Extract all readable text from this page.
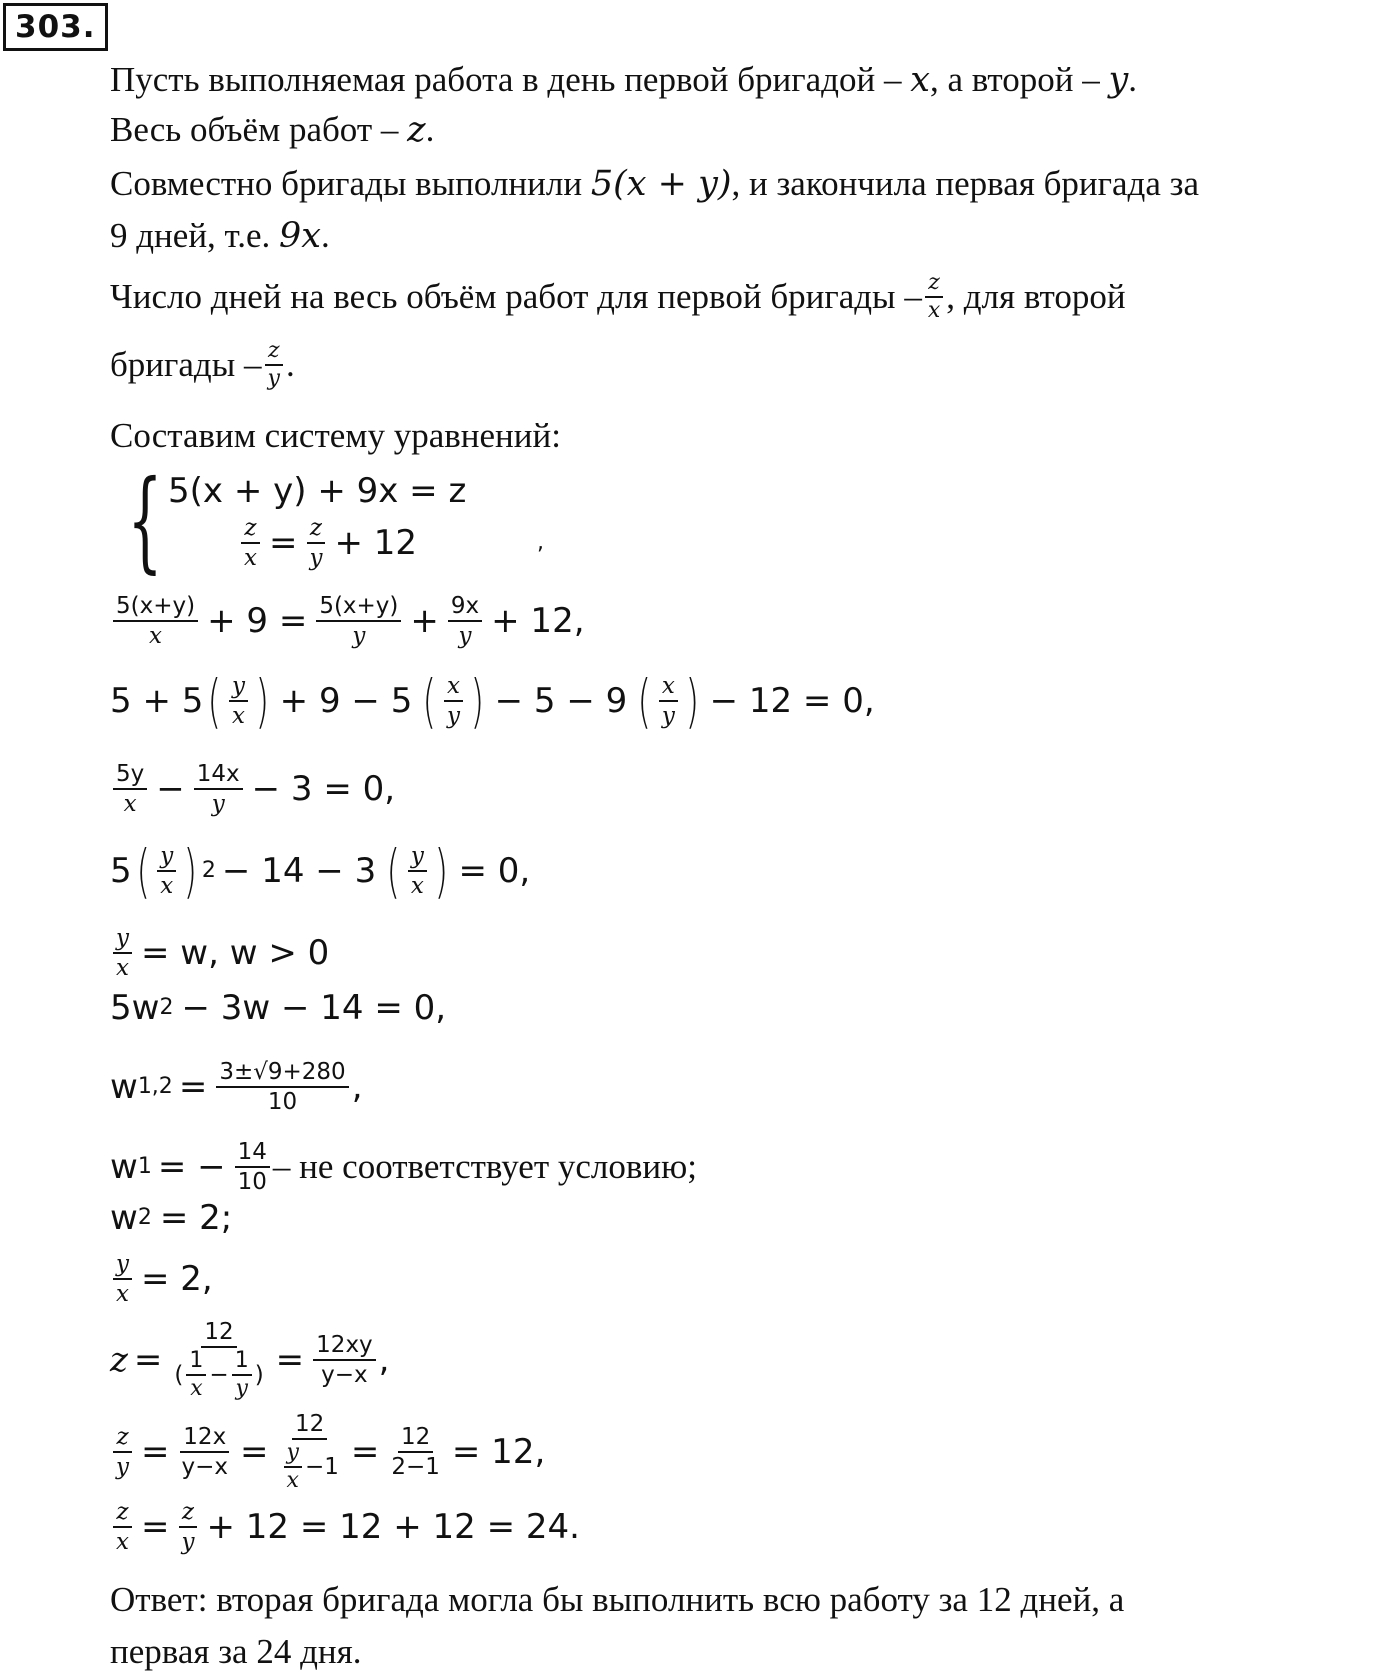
303.
Пусть выполняемая работа в день первой бригадой – x, а второй – y.
Весь объём работ – z.
Совместно бригады выполнили 5(x + y), и закончила первая бригада за
9 дней, т.е. 9x.
Число дней на весь объём работ для первой бригады – z
x , для второй
бригады – z
y .
Составим систему уравнений:
{ 5(x + y) + 9x = z
$\frac{z}{x} = \frac{z}{y} + 12$	,
5(x+y)
$x + 9 = \frac{5(x+y)}{y} + \frac{9x}{y} + 12$,
5 + 5 ( y
x ) + 9 − 5 ( x
y ) − 5 − 9 ( x
y ) − 12 = 0,
5y
$x - \frac{14x}{y} - 3 = 0$,
5 ( y
x ) 2 − 14 − 3 ( y
x ) = 0,
$\frac{y}{x} = w$, w > 0
5w 2 − 3w − 14 = 0,
w $1,2 = \frac{3\pm√9+280}{10}$ ,
w 1 = − $\frac{14}{10}$ – не соответствует условию;
w 2 = 2;
$\frac{y}{x} = 2$,
z = 12
(
1
x
−
1
y
) = $\frac{12xy}{y-x}$ ,
$\frac{z}{y} = \frac{12x}{y-x} = 12$
y
x
$-1 = \frac{12}{2-1} = 12$,
$\frac{z}{x} = \frac{z}{y} + 12 = 12 + 12 = 24$.
Ответ: вторая бригада могла бы выполнить всю работу за 12 дней, а
первая за 24 дня.
